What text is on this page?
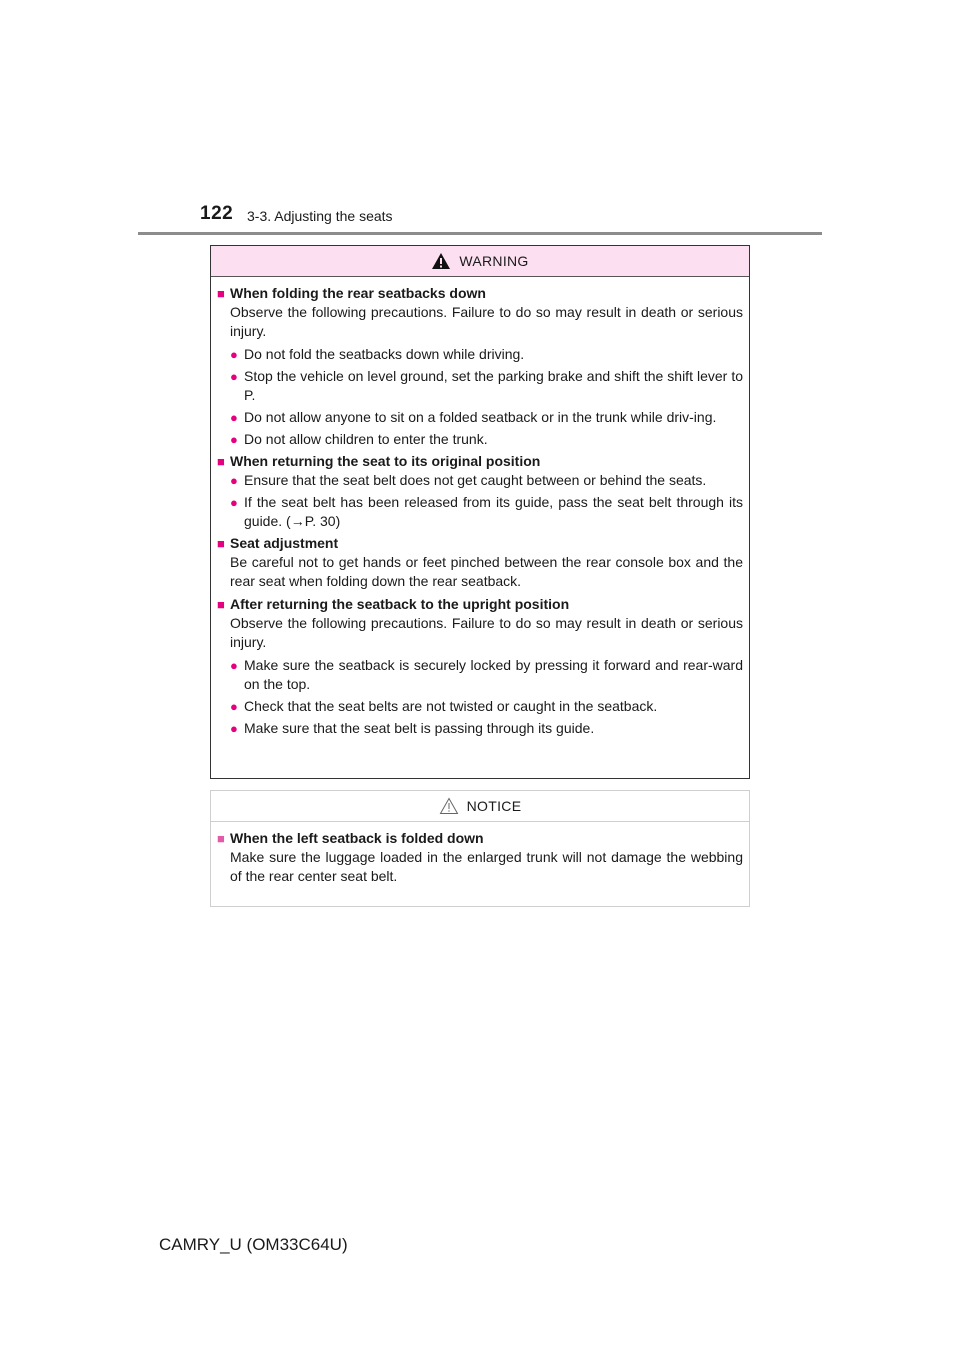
122 3-3. Adjusting the seats
WARNING
■ When folding the rear seatbacks down
Observe the following precautions. Failure to do so may result in death or serious injury.
● Do not fold the seatbacks down while driving.
● Stop the vehicle on level ground, set the parking brake and shift the shift lever to P.
● Do not allow anyone to sit on a folded seatback or in the trunk while driv-ing.
● Do not allow children to enter the trunk.
■ When returning the seat to its original position
● Ensure that the seat belt does not get caught between or behind the seats.
● If the seat belt has been released from its guide, pass the seat belt through its guide. (→P. 30)
■ Seat adjustment
Be careful not to get hands or feet pinched between the rear console box and the rear seat when folding down the rear seatback.
■ After returning the seatback to the upright position
Observe the following precautions. Failure to do so may result in death or serious injury.
● Make sure the seatback is securely locked by pressing it forward and rear-ward on the top.
● Check that the seat belts are not twisted or caught in the seatback.
● Make sure that the seat belt is passing through its guide.
NOTICE
■ When the left seatback is folded down
Make sure the luggage loaded in the enlarged trunk will not damage the webbing of the rear center seat belt.
CAMRY_U (OM33C64U)
